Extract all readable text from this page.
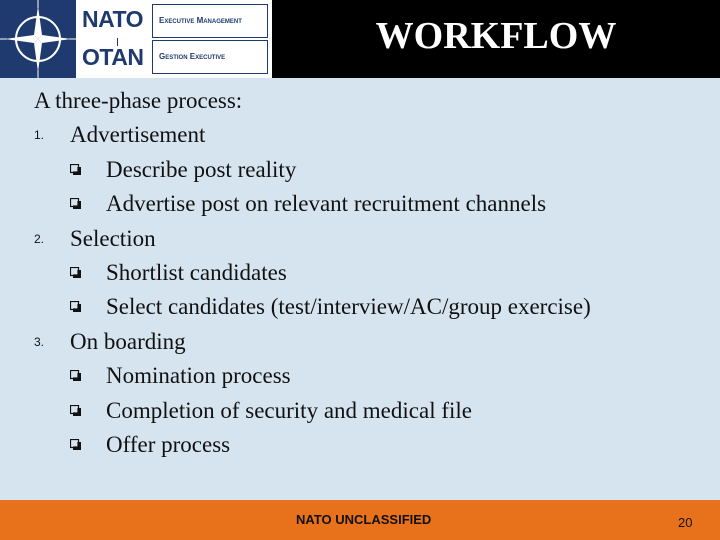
NATO
OTAN
Executive Management
Gestion Executive	WORKFLOW

A three-phase process:

1. Advertisement

Describe post reality

Advertise post on relevant recruitment channels

2. Selection

Shortlist candidates

Select candidates (test/interview/AC/group exercise)

3. On boarding

Nomination process

Completion of security and medical file

Offer process

NATO UNCLASSIFIED	20
